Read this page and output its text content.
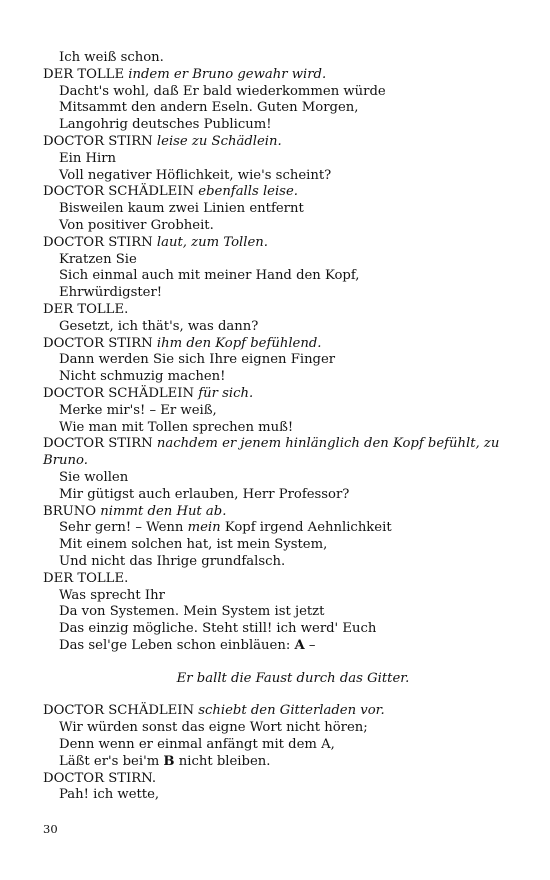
Ich weiß schon.

DER TOLLE indem er Bruno gewahr wird.

Dacht's wohl, daß Er bald wiederkommen würde

Mitsammt den andern Eseln. Guten Morgen,

Langohrig deutsches Publicum!

DOCTOR STIRN leise zu Schädlein.

Ein Hirn

Voll negativer Höflichkeit, wie's scheint?

DOCTOR SCHÄDLEIN ebenfalls leise.

Bisweilen kaum zwei Linien entfernt

Von positiver Grobheit.

DOCTOR STIRN laut, zum Tollen.

Kratzen Sie

Sich einmal auch mit meiner Hand den Kopf,

Ehrwürdigster!

DER TOLLE.

Gesetzt, ich thät's, was dann?

DOCTOR STIRN ihm den Kopf befühlend.

Dann werden Sie sich Ihre eignen Finger

Nicht schmuzig machen!

DOCTOR SCHÄDLEIN für sich.

Merke mir's! – Er weiß,

Wie man mit Tollen sprechen muß!

DOCTOR STIRN nachdem er jenem hinlänglich den Kopf befühlt, zu Bruno.

Sie wollen

Mir gütigst auch erlauben, Herr Professor?

BRUNO nimmt den Hut ab.

Sehr gern! – Wenn mein Kopf irgend Aehnlichkeit

Mit einem solchen hat, ist mein System,

Und nicht das Ihrige grundfalsch.

DER TOLLE.

Was sprecht Ihr

Da von Systemen. Mein System ist jetzt

Das einzig mögliche. Steht still! ich werd' Euch

Das sel'ge Leben schon einbläuen: A –

Er ballt die Faust durch das Gitter.

DOCTOR SCHÄDLEIN schiebt den Gitterladen vor.

Wir würden sonst das eigne Wort nicht hören;

Denn wenn er einmal anfängt mit dem A,

Läßt er's bei'm B nicht bleiben.

DOCTOR STIRN.

Pah! ich wette,

30
